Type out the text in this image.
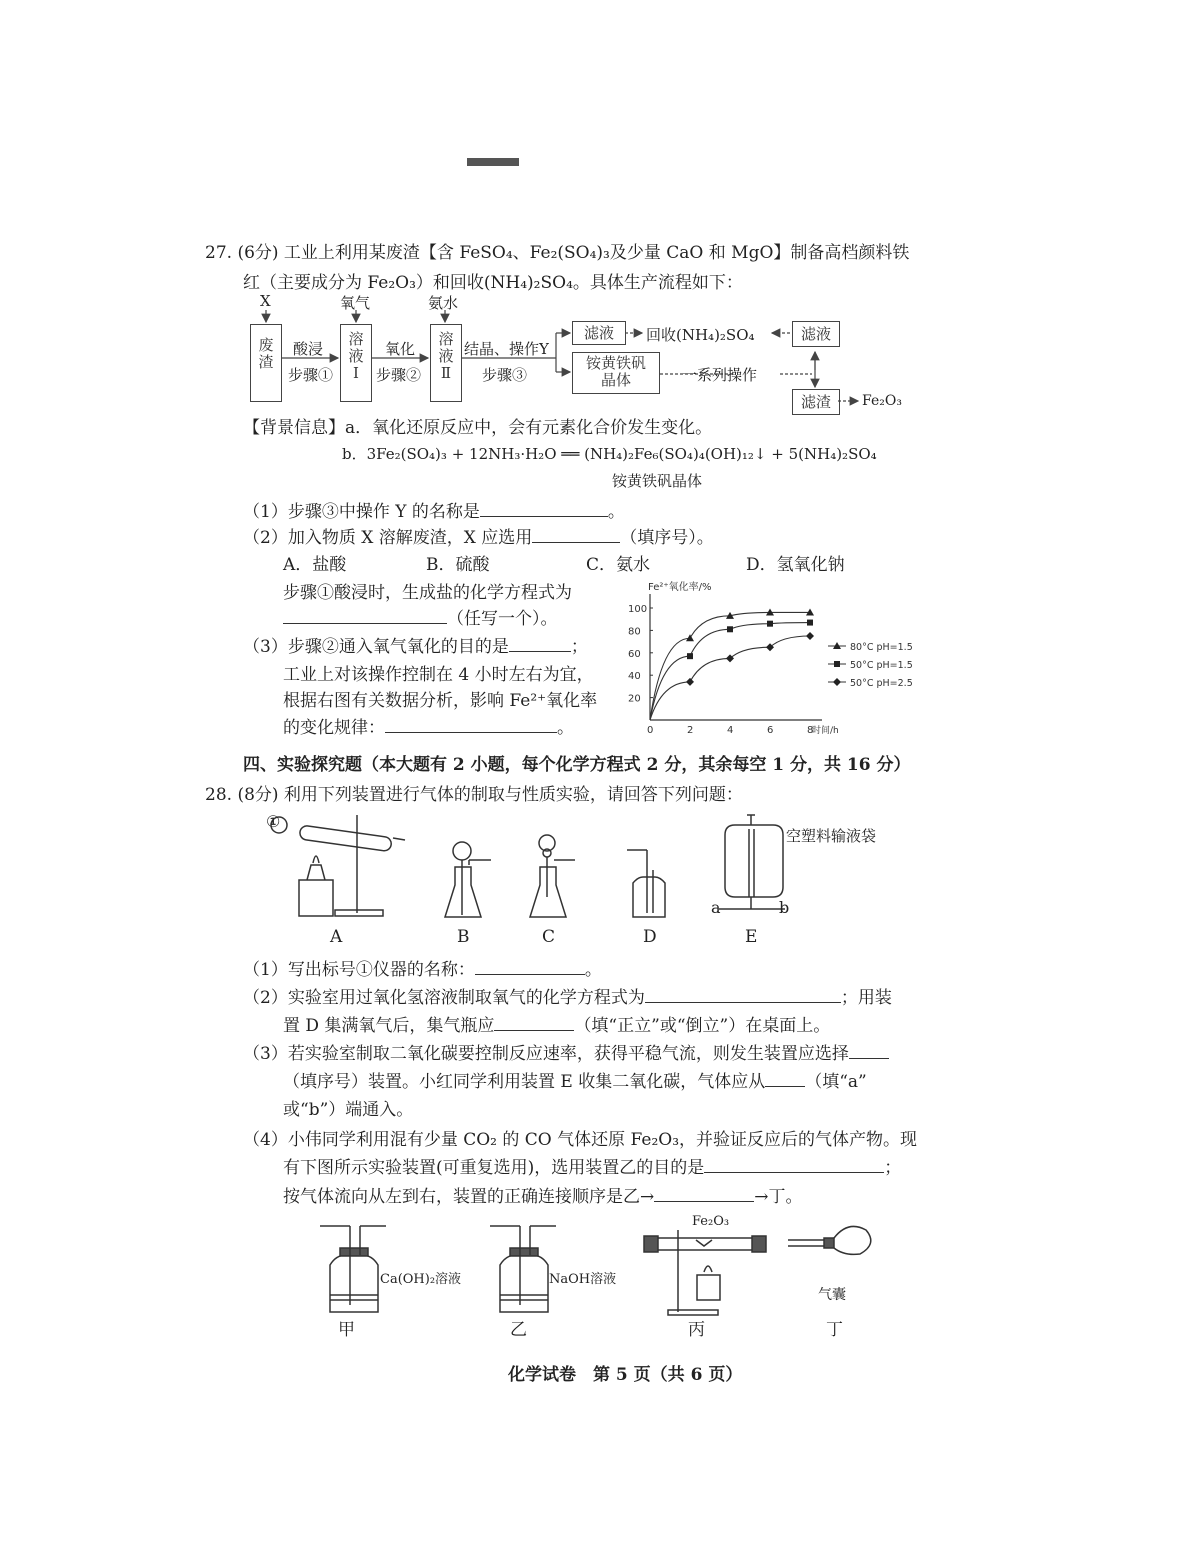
27. (6分) 工业上利用某废渣【含 FeSO₄、Fe₂(SO₄)₃及少量 CaO 和 MgO】制备高档颜料铁
红（主要成分为 Fe₂O₃）和回收(NH₄)₂SO₄。具体生产流程如下：
X	氧气	氨水
废
渣
溶
液
Ⅰ
溶
液
Ⅱ
酸浸
步骤①
氧化
步骤②
结晶、操作Y
步骤③
滤液	回收(NH₄)₂SO₄
铵黄铁矾
晶体	一系列操作
滤液
滤渣	Fe₂O₃
【背景信息】a．氧化还原反应中，会有元素化合价发生变化。
b．3Fe₂(SO₄)₃ + 12NH₃·H₂O ══ (NH₄)₂Fe₆(SO₄)₄(OH)₁₂↓ + 5(NH₄)₂SO₄
铵黄铁矾晶体
（1）步骤③中操作 Y 的名称是	。
（2）加入物质 X 溶解废渣，X 应选用	（填序号）。
A．盐酸	B．硫酸	C．氨水	D．氢氧化钠
步骤①酸浸时，生成盐的化学方程式为
（任写一个）。
（3）步骤②通入氧气氧化的目的是	；
工业上对该操作控制在 4 小时左右为宜，
根据右图有关数据分析，影响 Fe²⁺氧化率
的变化规律：	。
Fe²⁺氧化率/%
时间/h
0	2	4	6	8
20
40
60
80
100
80°C pH=1.5
50°C pH=1.5
50°C pH=2.5
四、实验探究题（本大题有 2 小题，每个化学方程式 2 分，其余每空 1 分，共 16 分）
28. (8分) 利用下列装置进行气体的制取与性质实验，请回答下列问题：
①
空塑料输液袋
a	b
A	B	C	D	E
（1）写出标号①仪器的名称：	。
（2）实验室用过氧化氢溶液制取氧气的化学方程式为	；用装
置 D 集满氧气后，集气瓶应	（填“正立”或“倒立”）在桌面上。
（3）若实验室制取二氧化碳要控制反应速率，获得平稳气流，则发生装置应选择
（填序号）装置。小红同学利用装置 E 收集二氧化碳，气体应从 （填“a”
或“b”）端通入。
（4）小伟同学利用混有少量 CO₂ 的 CO 气体还原 Fe₂O₃，并验证反应后的气体产物。现
有下图所示实验装置(可重复选用)，选用装置乙的目的是	；
按气体流向从左到右，装置的正确连接顺序是乙→	→丁。
Ca(OH)₂溶液	NaOH溶液
Fe₂O₃
气囊
甲	乙	丙	丁
化学试卷　第 5 页（共 6 页）
